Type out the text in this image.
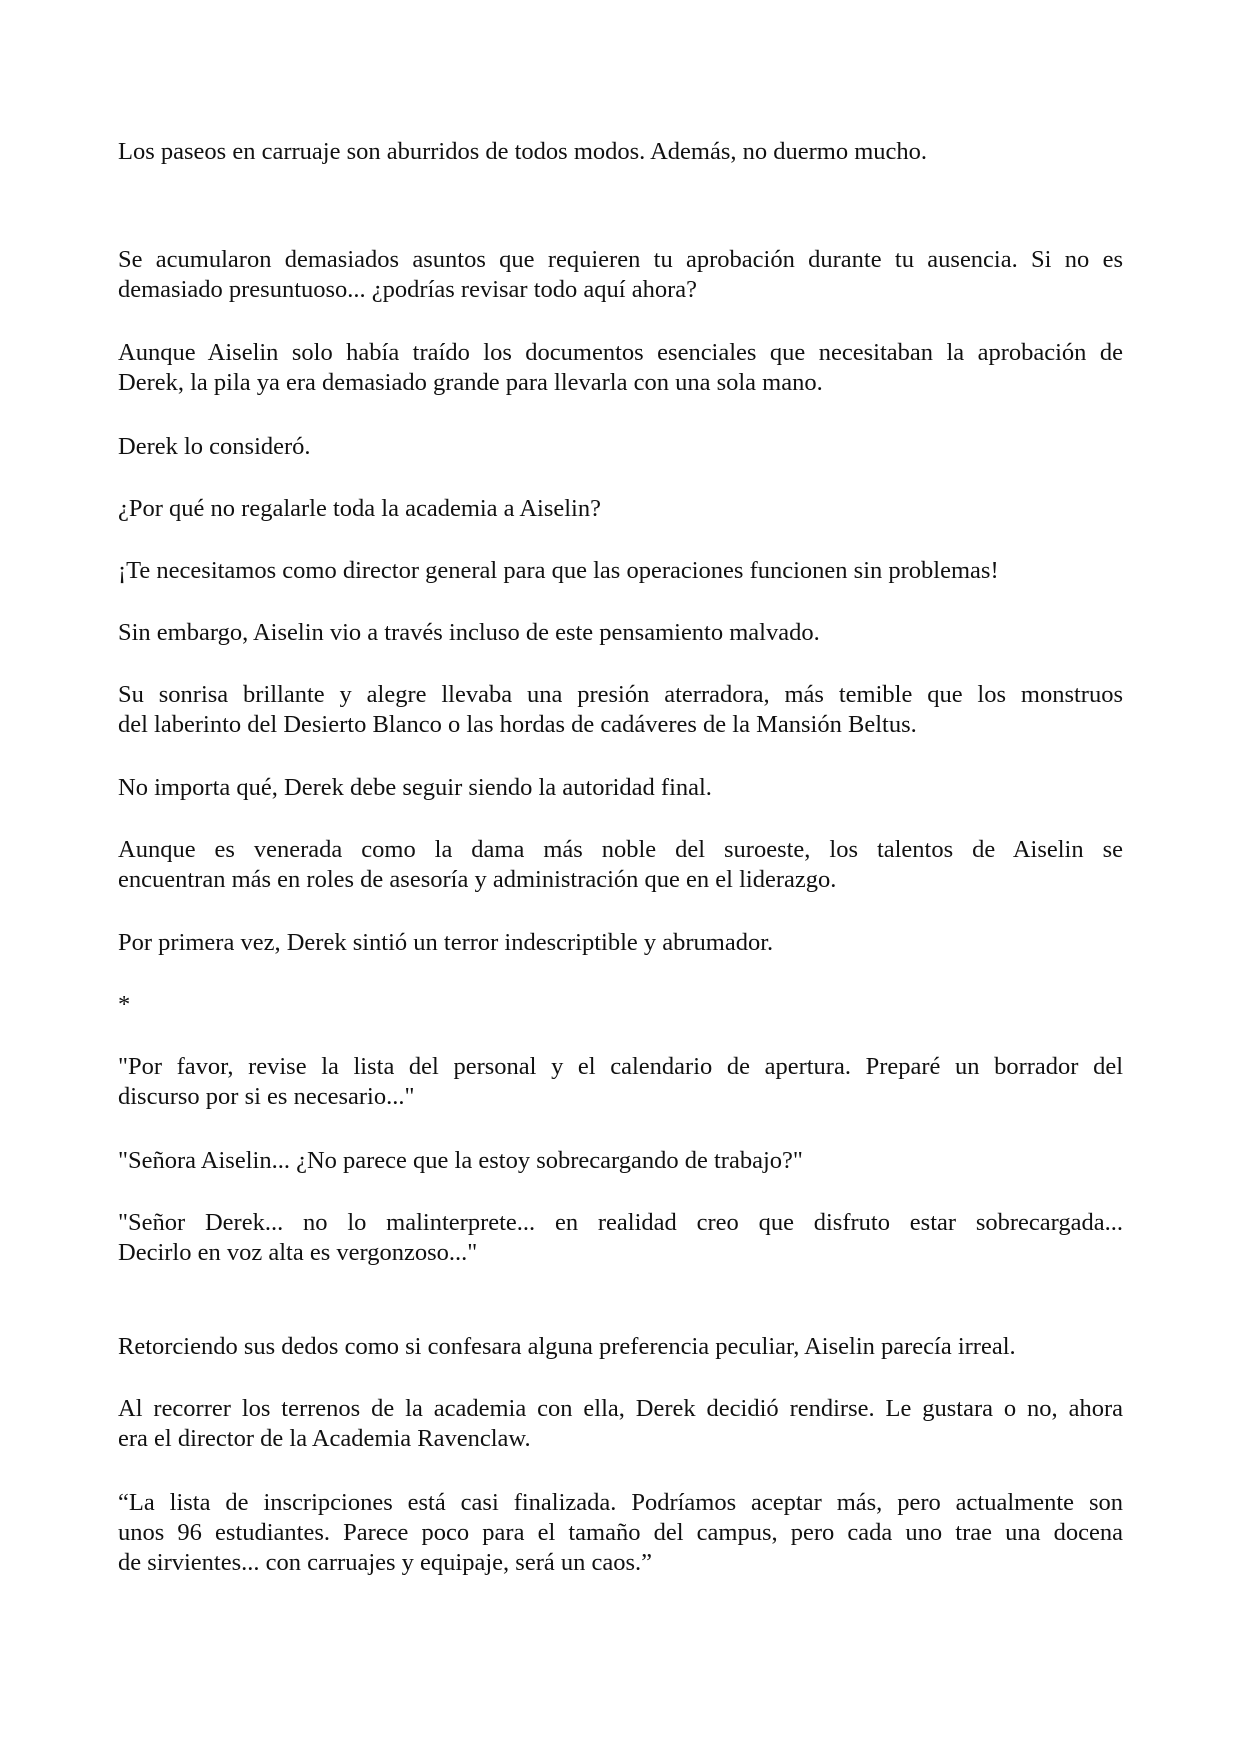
Los paseos en carruaje son aburridos de todos modos. Además, no duermo mucho.

Se acumularon demasiados asuntos que requieren tu aprobación durante tu ausencia. Si no es
demasiado presuntuoso... ¿podrías revisar todo aquí ahora?

Aunque Aiselin solo había traído los documentos esenciales que necesitaban la aprobación de
Derek, la pila ya era demasiado grande para llevarla con una sola mano.

Derek lo consideró.

¿Por qué no regalarle toda la academia a Aiselin?

¡Te necesitamos como director general para que las operaciones funcionen sin problemas!

Sin embargo, Aiselin vio a través incluso de este pensamiento malvado.

Su sonrisa brillante y alegre llevaba una presión aterradora, más temible que los monstruos
del laberinto del Desierto Blanco o las hordas de cadáveres de la Mansión Beltus.

No importa qué, Derek debe seguir siendo la autoridad final.

Aunque es venerada como la dama más noble del suroeste, los talentos de Aiselin se
encuentran más en roles de asesoría y administración que en el liderazgo.

Por primera vez, Derek sintió un terror indescriptible y abrumador.

*

"Por favor, revise la lista del personal y el calendario de apertura. Preparé un borrador del
discurso por si es necesario..."

"Señora Aiselin... ¿No parece que la estoy sobrecargando de trabajo?"

"Señor Derek... no lo malinterprete... en realidad creo que disfruto estar sobrecargada...
Decirlo en voz alta es vergonzoso..."

Retorciendo sus dedos como si confesara alguna preferencia peculiar, Aiselin parecía irreal.

Al recorrer los terrenos de la academia con ella, Derek decidió rendirse. Le gustara o no, ahora
era el director de la Academia Ravenclaw.

“La lista de inscripciones está casi finalizada. Podríamos aceptar más, pero actualmente son
unos 96 estudiantes. Parece poco para el tamaño del campus, pero cada uno trae una docena
de sirvientes... con carruajes y equipaje, será un caos.”
